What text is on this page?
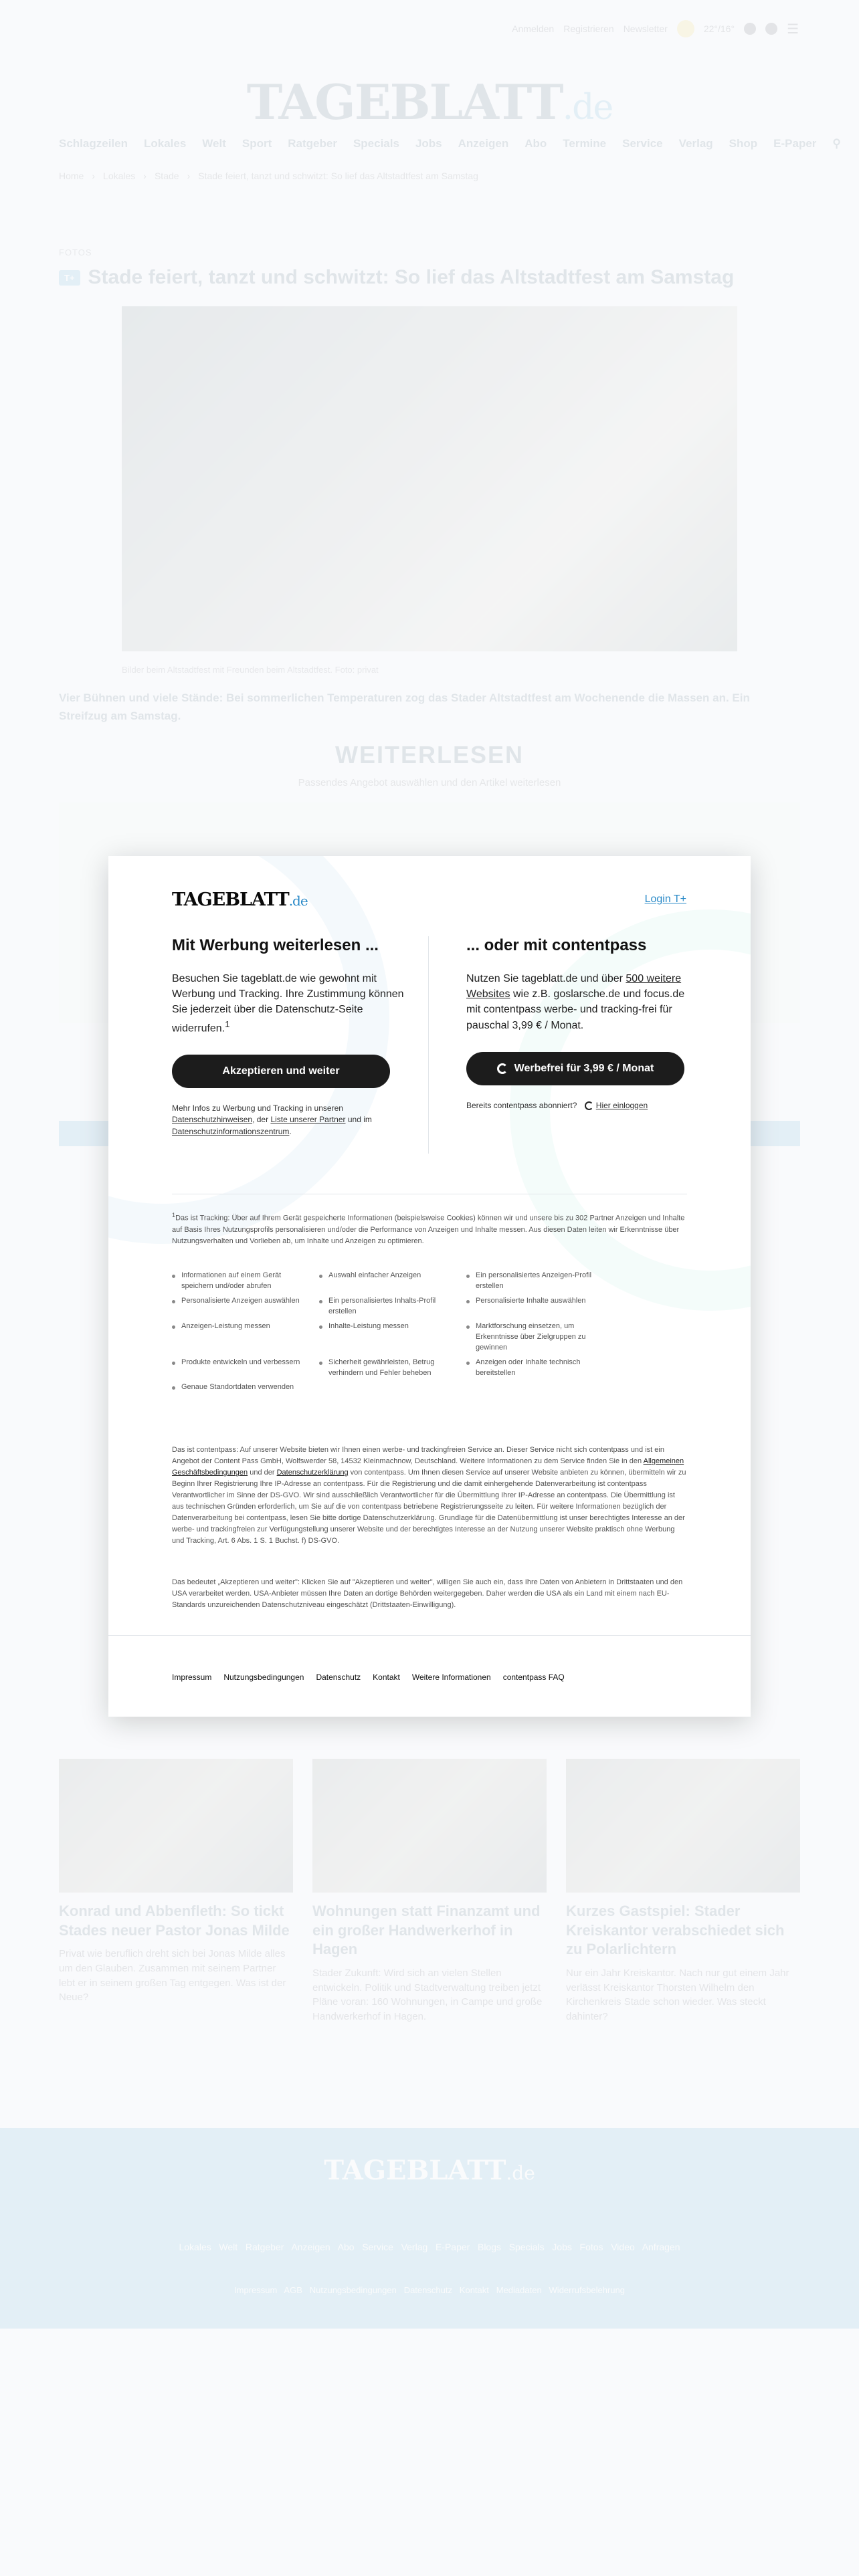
Anmelden Registrieren Newsletter	22°/16°	☰
TAGEBLATT.de
Schlagzeilen Lokales Welt Sport Ratgeber Specials Jobs Anzeigen Abo Termine Service Verlag Shop E-Paper ⚲
Home › Lokales › Stade › Stade feiert, tanzt und schwitzt: So lief das Altstadtfest am Samstag
FOTOS
T+ Stade feiert, tanzt und schwitzt: So lief das Altstadtfest am Samstag
Bilder beim Altstadtfest mit Freunden beim Altstadtfest. Foto: privat
Vier Bühnen und viele Stände: Bei sommerlichen Temperaturen zog das Stader Altstadtfest am Wochenende die Massen an. Ein Streifzug am Samstag.
WEITERLESEN
Passendes Angebot auswählen und den Artikel weiterlesen
Konrad und Abbenfleth: So tickt Stades neuer Pastor Jonas Milde
Privat wie beruflich dreht sich bei Jonas Milde alles um den Glauben. Zusammen mit seinem Partner lebt er in seinem großen Tag entgegen. Was ist der Neue?
Wohnungen statt Finanzamt und ein großer Handwerkerhof in Hagen
Stader Zukunft: Wird sich an vielen Stellen entwickeln. Politik und Stadtverwaltung treiben jetzt Pläne voran: 160 Wohnungen, in Campe und große Handwerkerhof in Hagen.
Kurzes Gastspiel: Stader Kreiskantor verabschiedet sich zu Polarlichtern
Nur ein Jahr Kreiskantor. Nach nur gut einem Jahr verlässt Kreiskantor Thorsten Wilhelm den Kirchenkreis Stade schon wieder. Was steckt dahinter?
TAGEBLATT.de
Lokales Welt Ratgeber Anzeigen Abo Service Verlag E-Paper Blogs Specials Jobs Fotos Video Anfragen
Impressum AGB Nutzungsbedingungen Datenschutz Kontakt Mediadaten Widerrufsbelehrung
TAGEBLATT.de	Login T+
Mit Werbung weiterlesen ...

Besuchen Sie tageblatt.de wie gewohnt mit Werbung und Tracking. Ihre Zustimmung können Sie jederzeit über die Datenschutz-Seite widerrufen.$^1$

Akzeptieren und weiter
Mehr Infos zu Werbung und Tracking in unseren Datenschutzhinweisen, der Liste unserer Partner und im Datenschutzinformationszentrum.
... oder mit contentpass

Nutzen Sie tageblatt.de und über 500 weitere Websites wie z.B. goslarsche.de und focus.de mit contentpass werbe- und tracking-frei für pauschal 3,99 € / Monat.

Werbefrei für 3,99 € / Monat
Bereits contentpass abonniert? Hier einloggen
$^1$Das ist Tracking: Über auf Ihrem Gerät gespeicherte Informationen (beispielsweise Cookies) können wir und unsere bis zu 302 Partner Anzeigen und Inhalte auf Basis Ihres Nutzungsprofils personalisieren und/oder die Performance von Anzeigen und Inhalte messen. Aus diesen Daten leiten wir Erkenntnisse über Nutzungsverhalten und Vorlieben ab, um Inhalte und Anzeigen zu optimieren.
Informationen auf einem Gerät speichern und/oder abrufen
Auswahl einfacher Anzeigen	Ein personalisiertes Anzeigen-Profil erstellen
Personalisierte Anzeigen auswählen	Ein personalisiertes Inhalts-Profil erstellen
Personalisierte Inhalte auswählen
Anzeigen-Leistung messen	Inhalte-Leistung messen	Marktforschung einsetzen, um Erkenntnisse über Zielgruppen zu gewinnen
Produkte entwickeln und verbessern	Sicherheit gewährleisten, Betrug verhindern und Fehler beheben
Anzeigen oder Inhalte technisch bereitstellen
Genaue Standortdaten verwenden
Das ist contentpass: Auf unserer Website bieten wir Ihnen einen werbe- und trackingfreien Service an. Dieser Service nicht sich contentpass und ist ein Angebot der Content Pass GmbH, Wolfswerder 58, 14532 Kleinmachnow, Deutschland. Weitere Informationen zu dem Service finden Sie in den Allgemeinen Geschäftsbedingungen und der Datenschutzerklärung von contentpass. Um Ihnen diesen Service auf unserer Website anbieten zu können, übermitteln wir zu Beginn Ihrer Registrierung Ihre IP-Adresse an contentpass. Für die Registrierung und die damit einhergehende Datenverarbeitung ist contentpass Verantwortlicher im Sinne der DS-GVO. Wir sind ausschließlich Verantwortlicher für die Übermittlung Ihrer IP-Adresse an contentpass. Die Übermittlung ist aus technischen Gründen erforderlich, um Sie auf die von contentpass betriebene Registrierungsseite zu leiten. Für weitere Informationen bezüglich der Datenverarbeitung bei contentpass, lesen Sie bitte dortige Datenschutzerklärung. Grundlage für die Datenübermittlung ist unser berechtigtes Interesse an der werbe- und trackingfreien zur Verfügungstellung unserer Website und der berechtigtes Interesse an der Nutzung unserer Website praktisch ohne Werbung und Tracking, Art. 6 Abs. 1 S. 1 Buchst. f) DS-GVO.
Das bedeutet „Akzeptieren und weiter": Klicken Sie auf "Akzeptieren und weiter", willigen Sie auch ein, dass Ihre Daten von Anbietern in Drittstaaten und den USA verarbeitet werden. USA-Anbieter müssen Ihre Daten an dortige Behörden weitergegeben. Daher werden die USA als ein Land mit einem nach EU-Standards unzureichenden Datenschutzniveau eingeschätzt (Drittstaaten-Einwilligung).
Impressum Nutzungsbedingungen Datenschutz Kontakt Weitere Informationen contentpass FAQ
